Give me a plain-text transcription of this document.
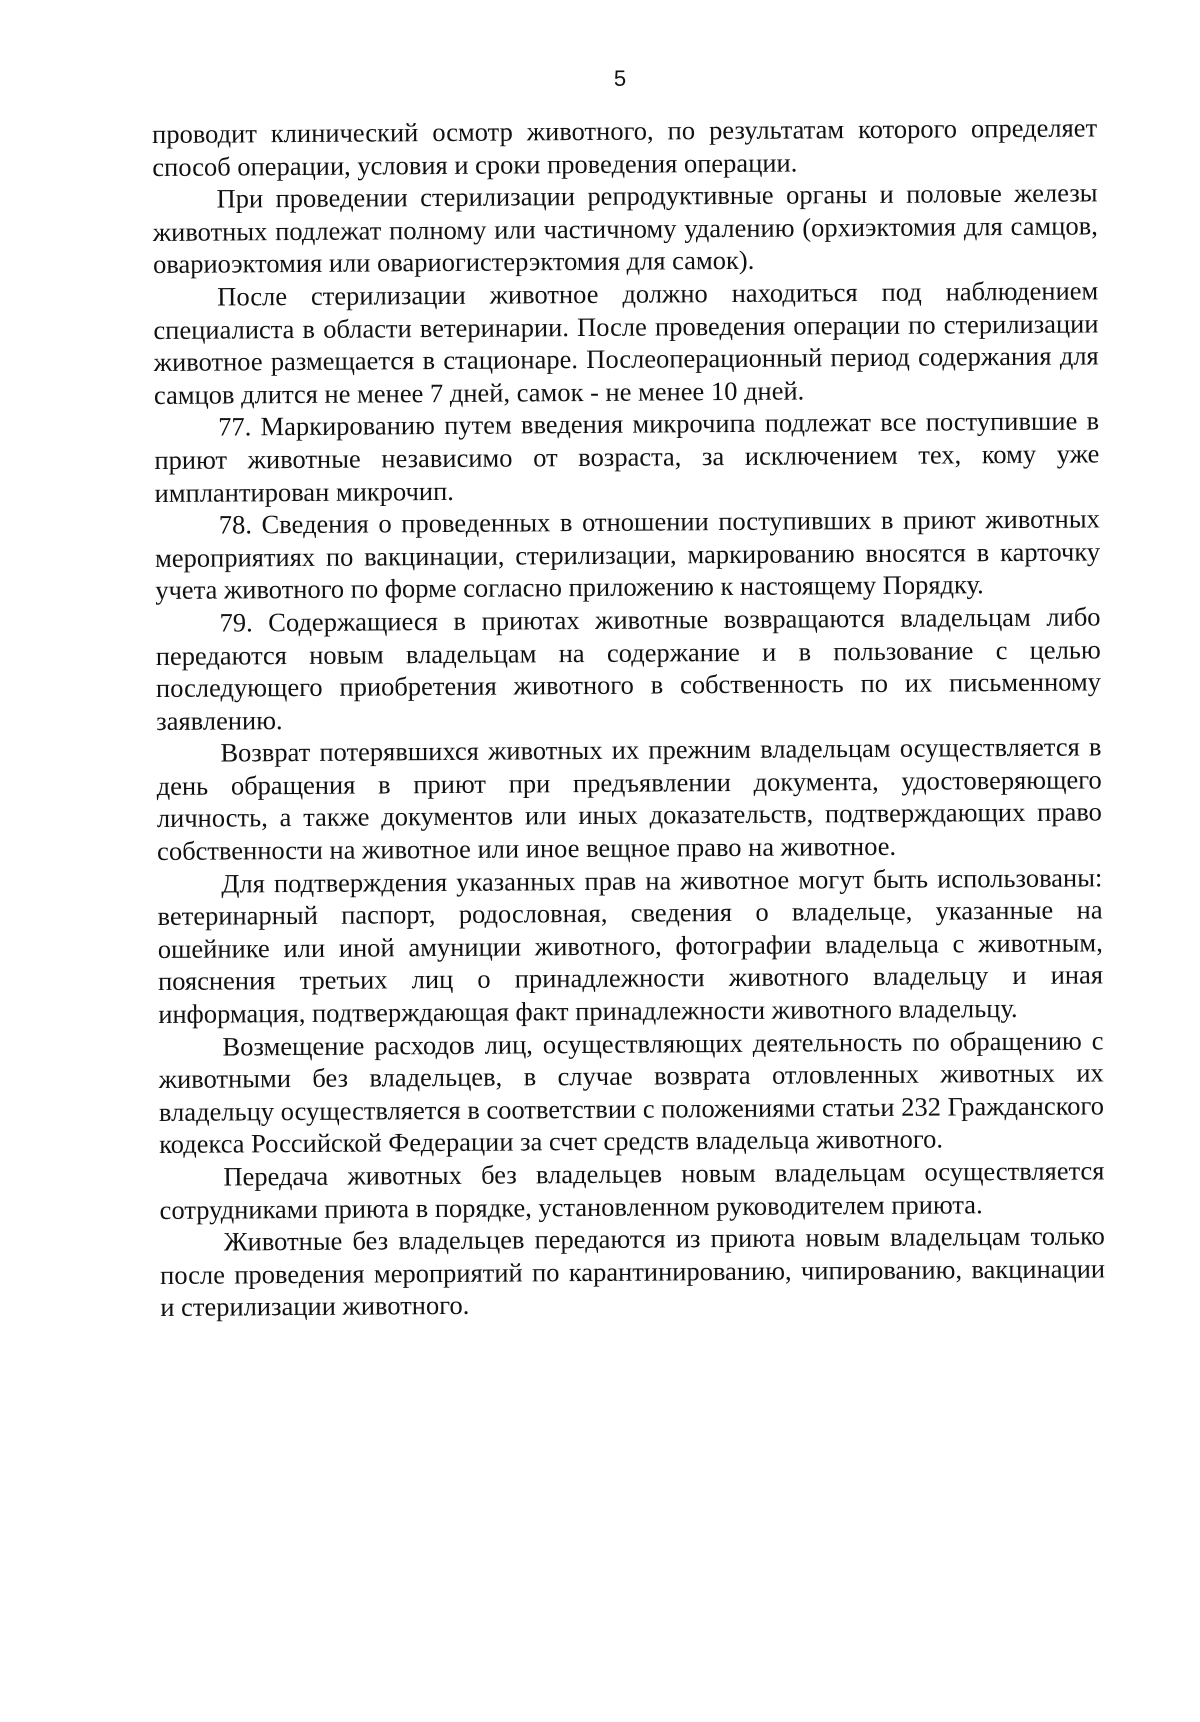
5

проводит клинический осмотр животного, по результатам которого определяет способ операции, условия и сроки проведения операции.

При проведении стерилизации репродуктивные органы и половые железы животных подлежат полному или частичному удалению (орхиэктомия для самцов, овариоэктомия или овариогистерэктомия для самок).

После стерилизации животное должно находиться под наблюдением специалиста в области ветеринарии. После проведения операции по стерилизации животное размещается в стационаре. Послеоперационный период содержания для самцов длится не менее 7 дней, самок - не менее 10 дней.

77. Маркированию путем введения микрочипа подлежат все поступившие в приют животные независимо от возраста, за исключением тех, кому уже имплантирован микрочип.

78. Сведения о проведенных в отношении поступивших в приют животных мероприятиях по вакцинации, стерилизации, маркированию вносятся в карточку учета животного по форме согласно приложению к настоящему Порядку.

79. Содержащиеся в приютах животные возвращаются владельцам либо передаются новым владельцам на содержание и в пользование с целью последующего приобретения животного в собственность по их письменному заявлению.

Возврат потерявшихся животных их прежним владельцам осуществляется в день обращения в приют при предъявлении документа, удостоверяющего личность, а также документов или иных доказательств, подтверждающих право собственности на животное или иное вещное право на животное.

Для подтверждения указанных прав на животное могут быть использованы: ветеринарный паспорт, родословная, сведения о владельце, указанные на ошейнике или иной амуниции животного, фотографии владельца с животным, пояснения третьих лиц о принадлежности животного владельцу и иная информация, подтверждающая факт принадлежности животного владельцу.

Возмещение расходов лиц, осуществляющих деятельность по обращению с животными без владельцев, в случае возврата отловленных животных их владельцу осуществляется в соответствии с положениями статьи 232 Гражданского кодекса Российской Федерации за счет средств владельца животного.

Передача животных без владельцев новым владельцам осуществляется сотрудниками приюта в порядке, установленном руководителем приюта.

Животные без владельцев передаются из приюта новым владельцам только после проведения мероприятий по карантинированию, чипированию, вакцинации и стерилизации животного.
